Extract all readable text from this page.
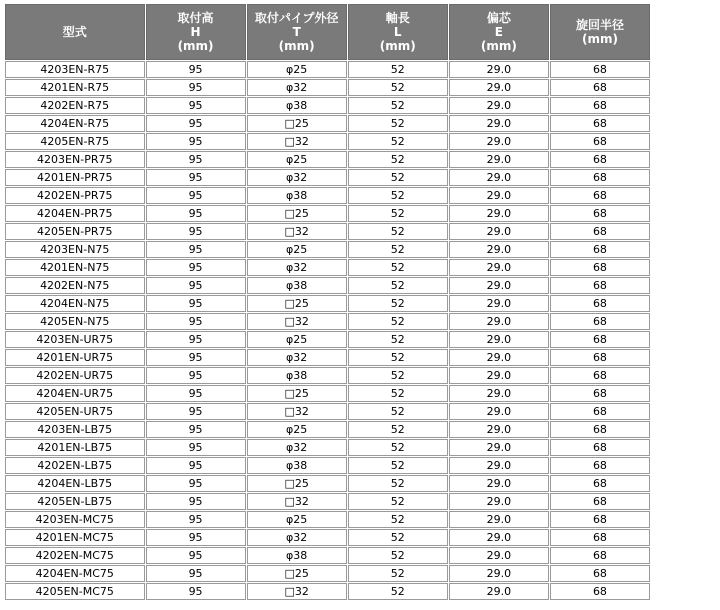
型式	取付高
H
(mm)	取付パイプ外径
T
(mm)	軸長
L
(mm)	偏芯
E
(mm)	旋回半径
(mm)

4203EN-R75	95	φ25	52	29.0	68
4201EN-R75	95	φ32	52	29.0	68
4202EN-R75	95	φ38	52	29.0	68
4204EN-R75	95	□25	52	29.0	68
4205EN-R75	95	□32	52	29.0	68
4203EN-PR75	95	φ25	52	29.0	68
4201EN-PR75	95	φ32	52	29.0	68
4202EN-PR75	95	φ38	52	29.0	68
4204EN-PR75	95	□25	52	29.0	68
4205EN-PR75	95	□32	52	29.0	68
4203EN-N75	95	φ25	52	29.0	68
4201EN-N75	95	φ32	52	29.0	68
4202EN-N75	95	φ38	52	29.0	68
4204EN-N75	95	□25	52	29.0	68
4205EN-N75	95	□32	52	29.0	68
4203EN-UR75	95	φ25	52	29.0	68
4201EN-UR75	95	φ32	52	29.0	68
4202EN-UR75	95	φ38	52	29.0	68
4204EN-UR75	95	□25	52	29.0	68
4205EN-UR75	95	□32	52	29.0	68
4203EN-LB75	95	φ25	52	29.0	68
4201EN-LB75	95	φ32	52	29.0	68
4202EN-LB75	95	φ38	52	29.0	68
4204EN-LB75	95	□25	52	29.0	68
4205EN-LB75	95	□32	52	29.0	68
4203EN-MC75	95	φ25	52	29.0	68
4201EN-MC75	95	φ32	52	29.0	68
4202EN-MC75	95	φ38	52	29.0	68
4204EN-MC75	95	□25	52	29.0	68
4205EN-MC75	95	□32	52	29.0	68
